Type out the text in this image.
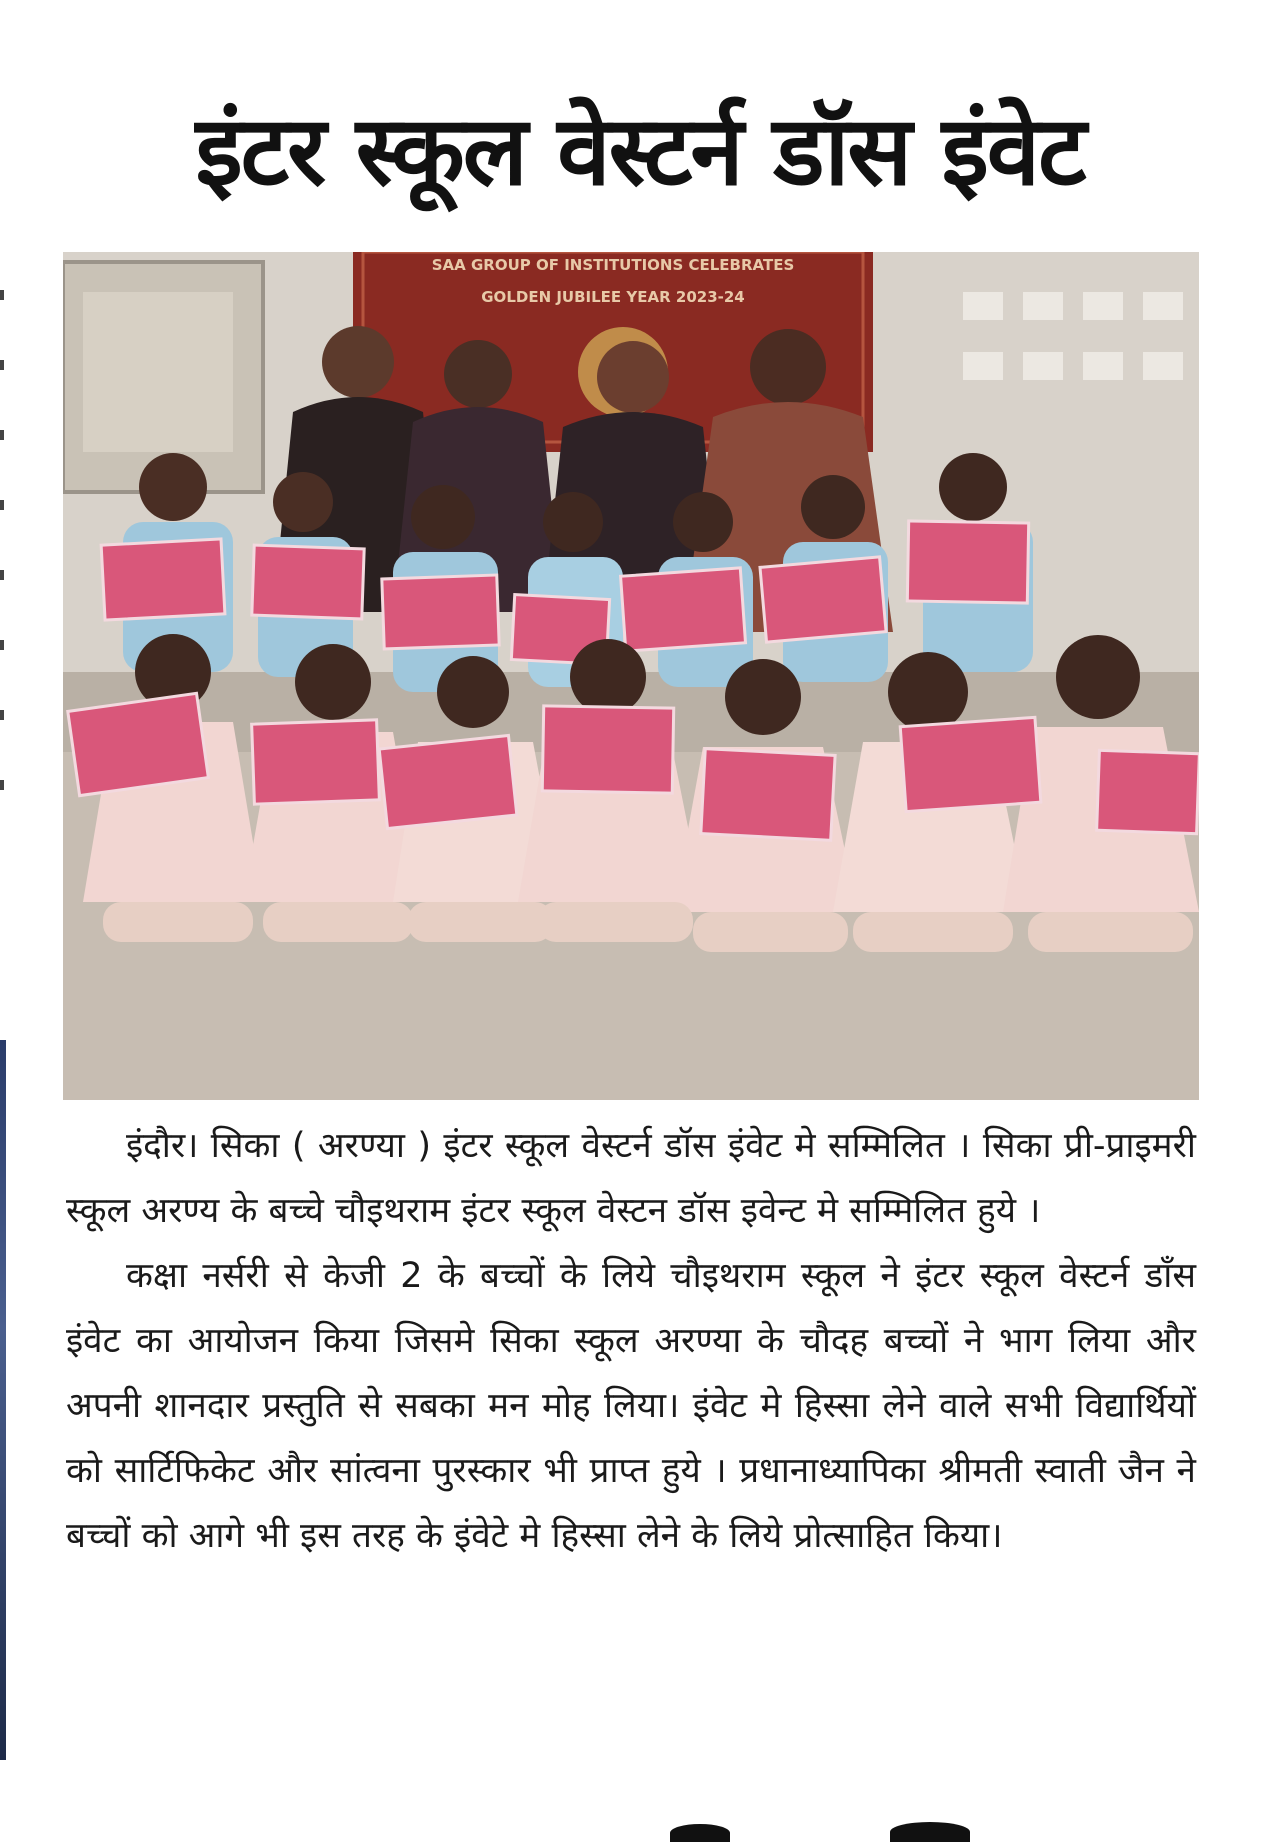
इंटर स्कूल वेस्टर्न डॉस इंवेट
SAA GROUP OF INSTITUTIONS CELEBRATES
GOLDEN JUBILEE YEAR 2023-24

इंदौर। सिका ( अरण्या ) इंटर स्कूल वेस्टर्न डॉस इंवेट मे सम्मिलित । सिका प्री-प्राइमरी स्कूल अरण्य के बच्चे चौइथराम इंटर स्कूल वेस्टन डॉस इवेन्ट मे सम्मिलित हुये ।

कक्षा नर्सरी से केजी 2 के बच्चों के लिये चौइथराम स्कूल ने इंटर स्कूल वेस्टर्न डाँस इंवेट का आयोजन किया जिसमे सिका स्कूल अरण्या के चौदह बच्चों ने भाग लिया और अपनी शानदार प्रस्तुति से सबका मन मोह लिया। इंवेट मे हिस्सा लेने वाले सभी विद्यार्थियों को सार्टिफिकेट और सांत्वना पुरस्कार भी प्राप्त हुये । प्रधानाध्यापिका श्रीमती स्वाती जैन ने बच्चों को आगे भी इस तरह के इंवेटे मे हिस्सा लेने के लिये प्रोत्साहित किया।
